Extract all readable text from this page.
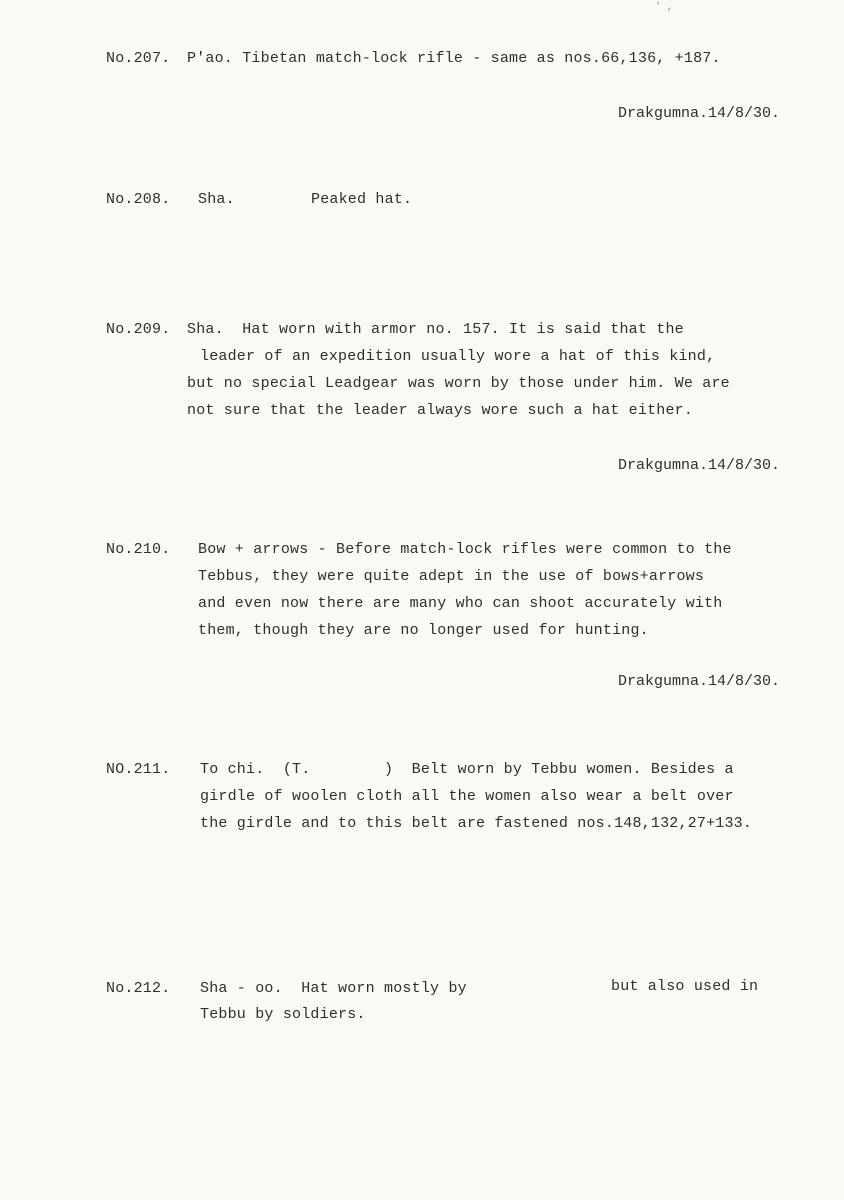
' ,
No.207. P'ao. Tibetan match-lock rifle - same as nos.66,136, +187.
Drakgumna.14/8/30.
No.208. Sha.	Peaked hat.
No.209. Sha.  Hat worn with armor no. 157. It is said that the
leader of an expedition usually wore a hat of this kind,
but no special Leadgear was worn by those under him. We are
not sure that the leader always wore such a hat either.
Drakgumna.14/8/30.
No.210. Bow + arrows - Before match-lock rifles were common to the
Tebbus, they were quite adept in the use of bows+arrows
and even now there are many who can shoot accurately with
them, though they are no longer used for hunting.
Drakgumna.14/8/30.
NO.211. To chi.  (T.        )  Belt worn by Tebbu women. Besides a
girdle of woolen cloth all the women also wear a belt over
the girdle and to this belt are fastened nos.148,132,27+133.
No.212. Sha - oo.  Hat worn mostly by	but also used in
Tebbu by soldiers.
